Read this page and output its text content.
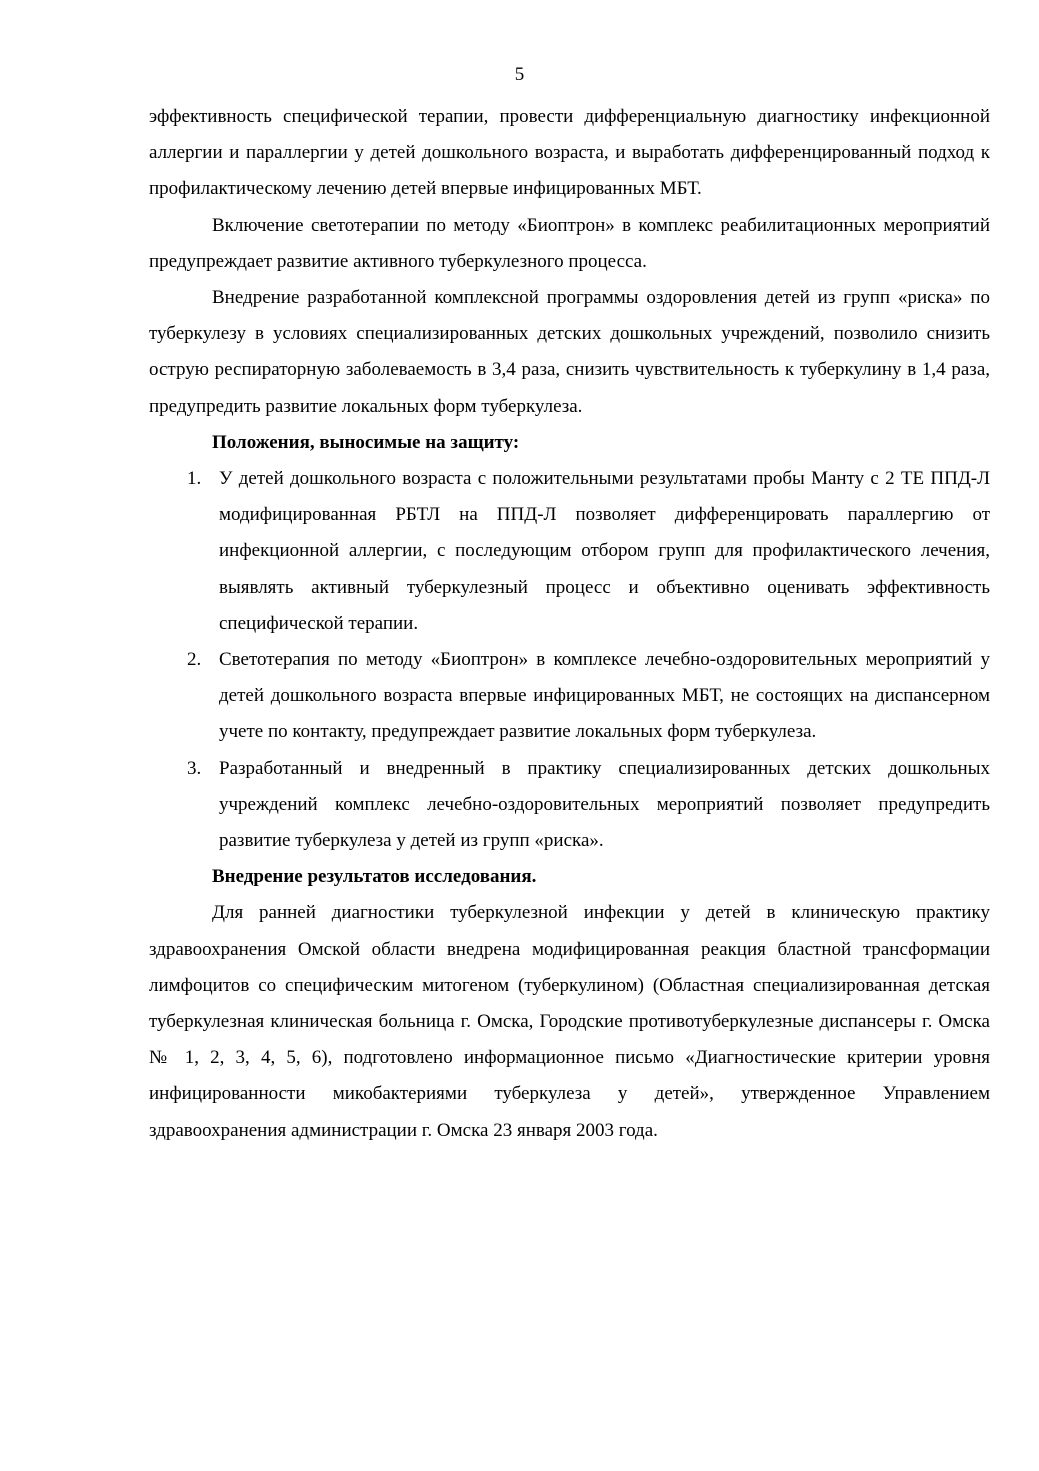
5

эффективность специфической терапии, провести дифференциальную диагностику инфекционной аллергии и параллергии у детей дошкольного возраста, и выработать дифференцированный подход к профилактическому лечению детей впервые инфицированных МБТ.

Включение светотерапии по методу «Биоптрон» в комплекс реабилитационных мероприятий предупреждает развитие активного туберкулезного процесса.

Внедрение разработанной комплексной программы оздоровления детей из групп «риска» по туберкулезу в условиях специализированных детских дошкольных учреждений, позволило снизить острую респираторную заболеваемость в 3,4 раза, снизить чувствительность к туберкулину в 1,4 раза, предупредить развитие локальных форм туберкулеза.

Положения, выносимые на защиту:
1. У детей дошкольного возраста с положительными результатами пробы Манту с 2 ТЕ ППД-Л модифицированная РБТЛ на ППД-Л позволяет дифференцировать параллергию от инфекционной аллергии, с последующим отбором групп для профилактического лечения, выявлять активный туберкулезный процесс и объективно оценивать эффективность специфической терапии.
2. Светотерапия по методу «Биоптрон» в комплексе лечебно-оздоровительных мероприятий у детей дошкольного возраста впервые инфицированных МБТ, не состоящих на диспансерном учете по контакту, предупреждает развитие локальных форм туберкулеза.
3. Разработанный и внедренный в практику специализированных детских дошкольных учреждений комплекс лечебно-оздоровительных мероприятий позволяет предупредить развитие туберкулеза у детей из групп «риска».
Внедрение результатов исследования.

Для ранней диагностики туберкулезной инфекции у детей в клиническую практику здравоохранения Омской области внедрена модифицированная реакция бластной трансформации лимфоцитов со специфическим митогеном (туберкулином) (Областная специализированная детская туберкулезная клиническая больница г. Омска, Городские противотуберкулезные диспансеры г. Омска № 1, 2, 3, 4, 5, 6), подготовлено информационное письмо «Диагностические критерии уровня инфицированности микобактериями туберкулеза у детей», утвержденное Управлением здравоохранения администрации г. Омска 23 января 2003 года.
